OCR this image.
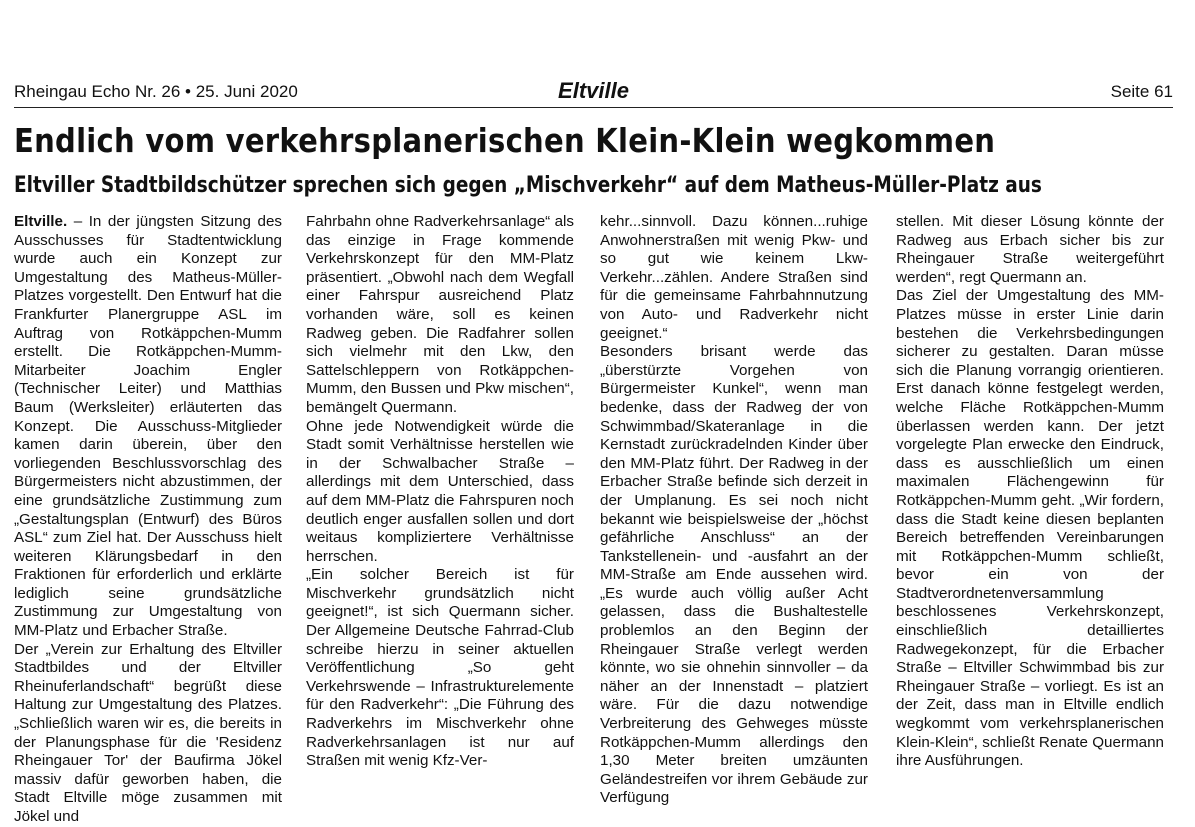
Rheingau Echo Nr. 26 • 25. Juni 2020	Eltville	Seite 61
Endlich vom verkehrsplanerischen Klein-Klein wegkommen
Eltviller Stadtbildschützer sprechen sich gegen „Mischverkehr“ auf dem Matheus-Müller-Platz aus

Eltville. – In der jüngsten Sitzung des Ausschusses für Stadtentwicklung wurde auch ein Konzept zur Umgestaltung des Matheus-Müller-Platzes vorgestellt. Den Entwurf hat die Frankfurter Planergruppe ASL im Auftrag von Rotkäppchen-Mumm erstellt. Die Rotkäppchen-Mumm-Mitarbeiter Joachim Engler (Technischer Leiter) und Matthias Baum (Werksleiter) erläuterten das Konzept. Die Ausschuss-Mitglieder kamen darin überein, über den vorliegenden Beschlussvorschlag des Bürgermeisters nicht abzustimmen, der eine grundsätzliche Zustimmung zum „Gestaltungsplan (Entwurf) des Büros ASL“ zum Ziel hat. Der Ausschuss hielt weiteren Klärungsbedarf in den Fraktionen für erforderlich und erklärte lediglich seine grundsätzliche Zustimmung zur Umgestaltung von MM-Platz und Erbacher Straße.

Der „Verein zur Erhaltung des Eltviller Stadtbildes und der Eltviller Rheinuferlandschaft“ begrüßt diese Haltung zur Umgestaltung des Platzes. „Schließlich waren wir es, die bereits in der Planungsphase für die 'Residenz Rheingauer Tor' der Baufirma Jökel massiv dafür geworben haben, die Stadt Eltville möge zusammen mit Jökel und

Fahrbahn ohne Radverkehrsanlage“ als das einzige in Frage kommende Verkehrskonzept für den MM-Platz präsentiert. „Obwohl nach dem Wegfall einer Fahrspur ausreichend Platz vorhanden wäre, soll es keinen Radweg geben. Die Radfahrer sollen sich vielmehr mit den Lkw, den Sattelschleppern von Rotkäppchen-Mumm, den Bussen und Pkw mischen“, bemängelt Quermann.

Ohne jede Notwendigkeit würde die Stadt somit Verhältnisse herstellen wie in der Schwalbacher Straße – allerdings mit dem Unterschied, dass auf dem MM-Platz die Fahrspuren noch deutlich enger ausfallen sollen und dort weitaus kompliziertere Verhältnisse herrschen.

„Ein solcher Bereich ist für Mischverkehr grundsätzlich nicht geeignet!“, ist sich Quermann sicher. Der Allgemeine Deutsche Fahrrad-Club schreibe hierzu in seiner aktuellen Veröffentlichung „So geht Verkehrswende – Infrastrukturelemente für den Radverkehr“: „Die Führung des Radverkehrs im Mischverkehr ohne Radverkehrsanlagen ist nur auf Straßen mit wenig Kfz-Ver-

kehr...sinnvoll. Dazu können...ruhige Anwohnerstraßen mit wenig Pkw- und so gut wie keinem Lkw-Verkehr...zählen. Andere Straßen sind für die gemeinsame Fahrbahnnutzung von Auto- und Radverkehr nicht geeignet.“

Besonders brisant werde das „überstürzte Vorgehen von Bürgermeister Kunkel“, wenn man bedenke, dass der Radweg der von Schwimmbad/Skateranlage in die Kernstadt zurückradelnden Kinder über den MM-Platz führt. Der Radweg in der Erbacher Straße befinde sich derzeit in der Umplanung. Es sei noch nicht bekannt wie beispielsweise der „höchst gefährliche Anschluss“ an der Tankstellenein- und -ausfahrt an der MM-Straße am Ende aussehen wird. „Es wurde auch völlig außer Acht gelassen, dass die Bushaltestelle problemlos an den Beginn der Rheingauer Straße verlegt werden könnte, wo sie ohnehin sinnvoller – da näher an der Innenstadt – platziert wäre. Für die dazu notwendige Verbreiterung des Gehweges müsste Rotkäppchen-Mumm allerdings den 1,30 Meter breiten umzäunten Geländestreifen vor ihrem Gebäude zur Verfügung

stellen. Mit dieser Lösung könnte der Radweg aus Erbach sicher bis zur Rheingauer Straße weitergeführt werden“, regt Quermann an.

Das Ziel der Umgestaltung des MM-Platzes müsse in erster Linie darin bestehen die Verkehrsbedingungen sicherer zu gestalten. Daran müsse sich die Planung vorrangig orientieren. Erst danach könne festgelegt werden, welche Fläche Rotkäppchen-Mumm überlassen werden kann. Der jetzt vorgelegte Plan erwecke den Eindruck, dass es ausschließlich um einen maximalen Flächengewinn für Rotkäppchen-Mumm geht. „Wir fordern, dass die Stadt keine diesen beplanten Bereich betreffenden Vereinbarungen mit Rotkäppchen-Mumm schließt, bevor ein von der Stadtverordnetenversammlung beschlossenes Verkehrskonzept, einschließlich detailliertes Radwegekonzept, für die Erbacher Straße – Eltviller Schwimmbad bis zur Rheingauer Straße – vorliegt. Es ist an der Zeit, dass man in Eltville endlich wegkommt vom verkehrsplanerischen Klein-Klein“, schließt Renate Quermann ihre Ausführungen.
